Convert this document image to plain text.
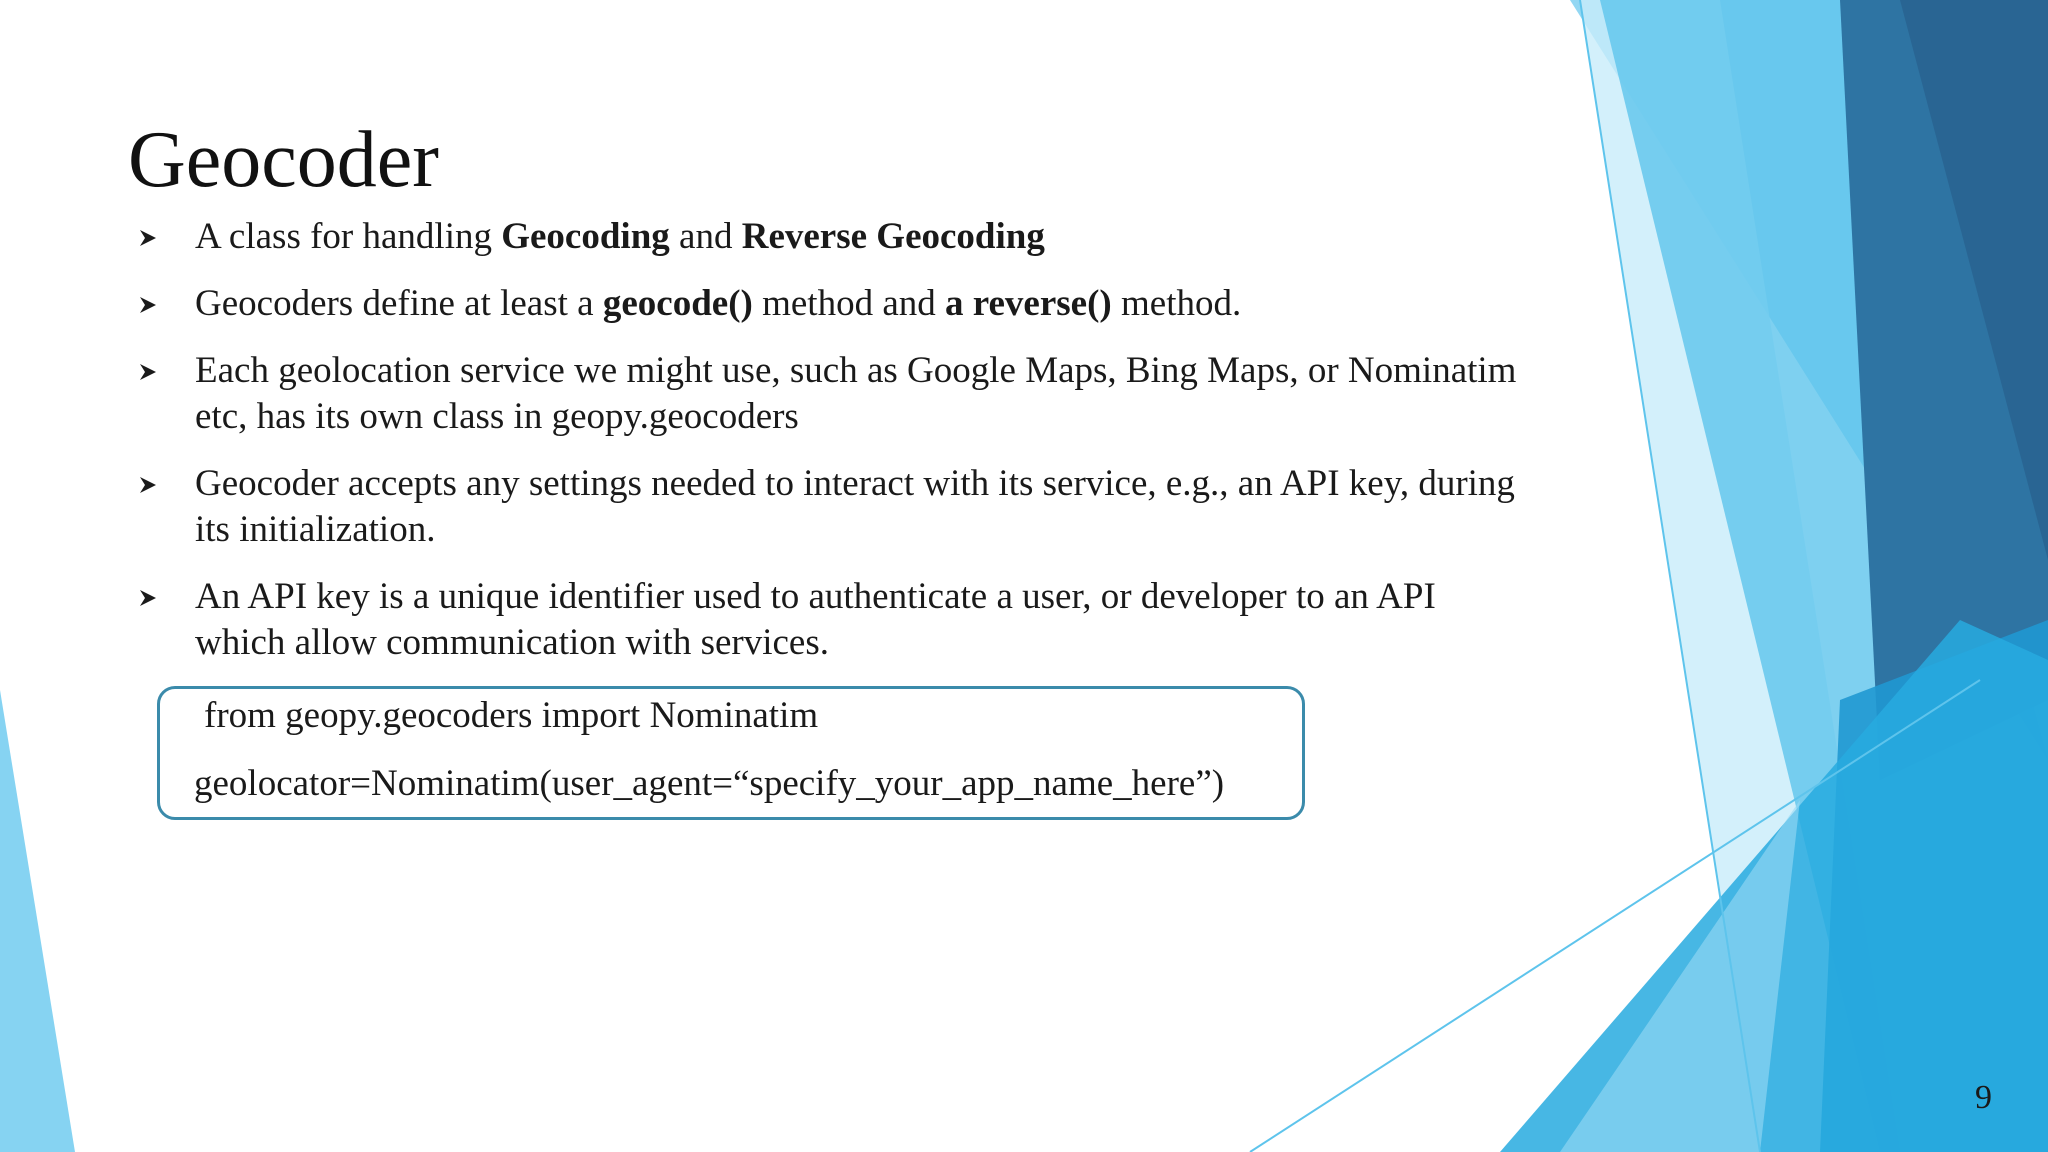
Geocoder
A class for handling Geocoding and Reverse Geocoding
Geocoders define at least a geocode() method and a reverse() method.
Each geolocation service we might use, such as Google Maps, Bing Maps, or Nominatim etc, has its own class in geopy.geocoders
Geocoder accepts any settings needed to interact with its service, e.g., an API key, during its initialization.
An API key is a unique identifier used to authenticate a user, or developer to an API which allow communication with services.
from geopy.geocoders import Nominatim
geolocator=Nominatim(user_agent=“specify_your_app_name_here”)
9
